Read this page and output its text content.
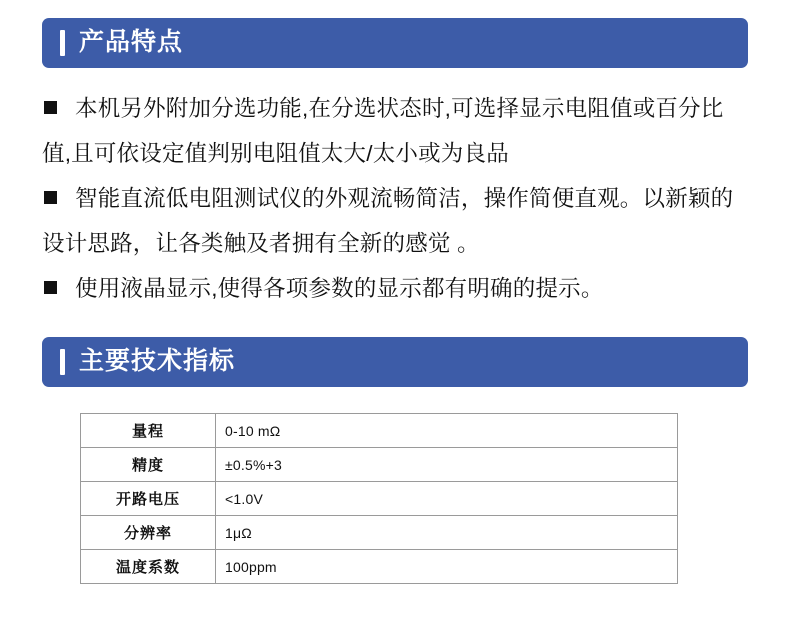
产品特点
本机另外附加分选功能,在分选状态时,可选择显示电阻值或百分比值,且可依设定值判别电阻值太大/太小或为良品
智能直流低电阻测试仪的外观流畅简洁，操作简便直观。以新颖的设计思路，让各类触及者拥有全新的感觉 。
使用液晶显示,使得各项参数的显示都有明确的提示。
主要技术指标
量程	0-10 mΩ
精度	±0.5%+3
开路电压	<1.0V
分辨率	1μΩ
温度系数	100ppm
